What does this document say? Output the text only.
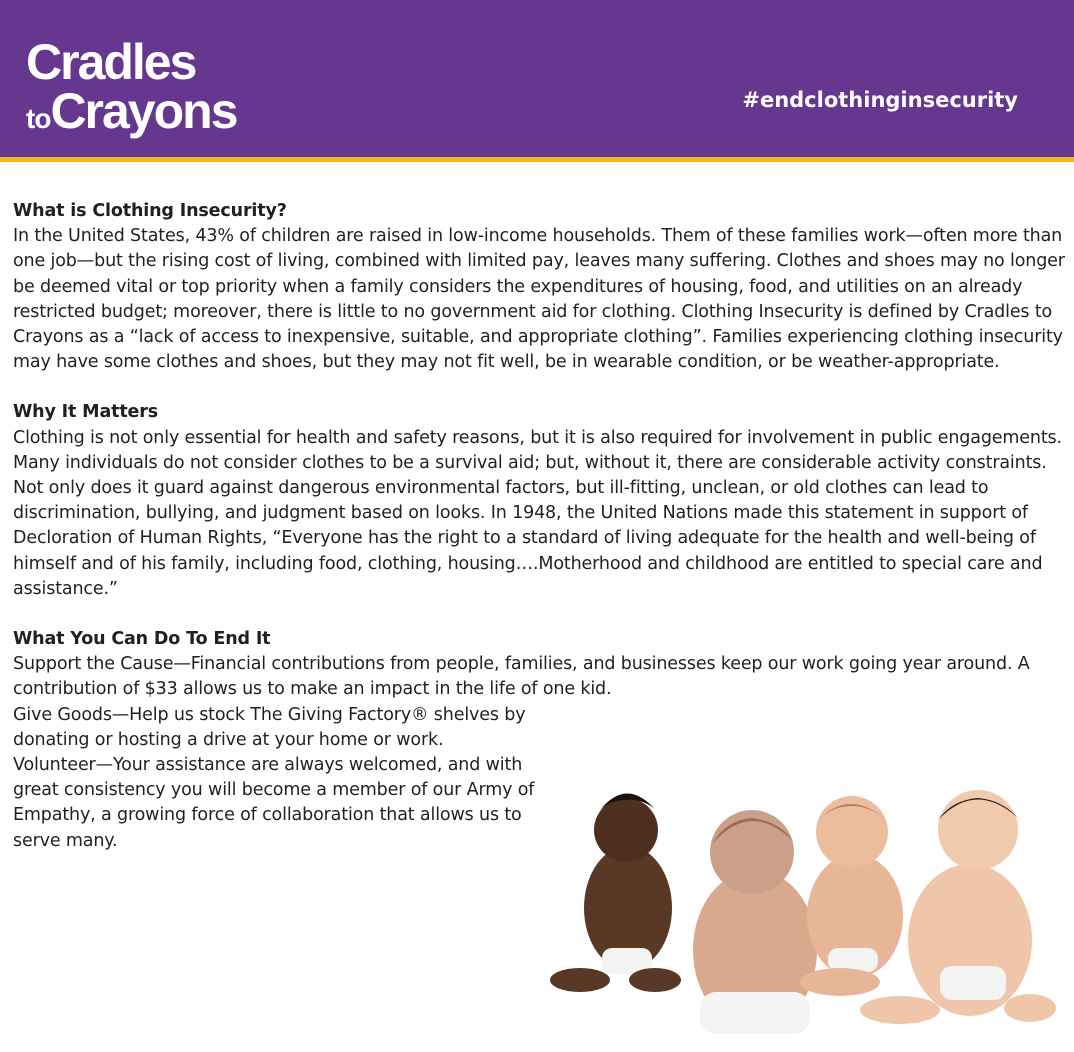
Cradles
toCrayons	#endclothinginsecurity

What is Clothing Insecurity?

In the United States, 43% of children are raised in low-income households. Them of these families work—often more than one job—but the rising cost of living, combined with limited pay, leaves many suffering. Clothes and shoes may no longer be deemed vital or top priority when a family considers the expenditures of housing, food, and utilities on an already restricted budget; moreover, there is little to no government aid for clothing. Clothing Insecurity is defined by Cradles to Crayons as a “lack of access to inexpensive, suitable, and appropriate clothing”. Families experiencing clothing insecurity may have some clothes and shoes, but they may not fit well, be in wearable condition, or be weather-appropriate.

Why It Matters

Clothing is not only essential for health and safety reasons, but it is also required for involvement in public engagements. Many individuals do not consider clothes to be a survival aid; but, without it, there are considerable activity constraints. Not only does it guard against dangerous environmental factors, but ill-fitting, unclean, or old clothes can lead to discrimination, bullying, and judgment based on looks. In 1948, the United Nations made this statement in support of Decloration of Human Rights, “Everyone has the right to a standard of living adequate for the health and well-being of himself and of his family, including food, clothing, housing….Motherhood and childhood are entitled to special care and assistance.”

What You Can Do To End It

Support the Cause—Financial contributions from people, families, and businesses keep our work going year around. A contribution of $33 allows us to make an impact in the life of one kid.

Give Goods—Help us stock The Giving Factory® shelves by donating or hosting a drive at your home or work.

Volunteer—Your assistance are always welcomed, and with great consistency you will become a member of our Army of Empathy, a growing force of collaboration that allows us to serve many.
